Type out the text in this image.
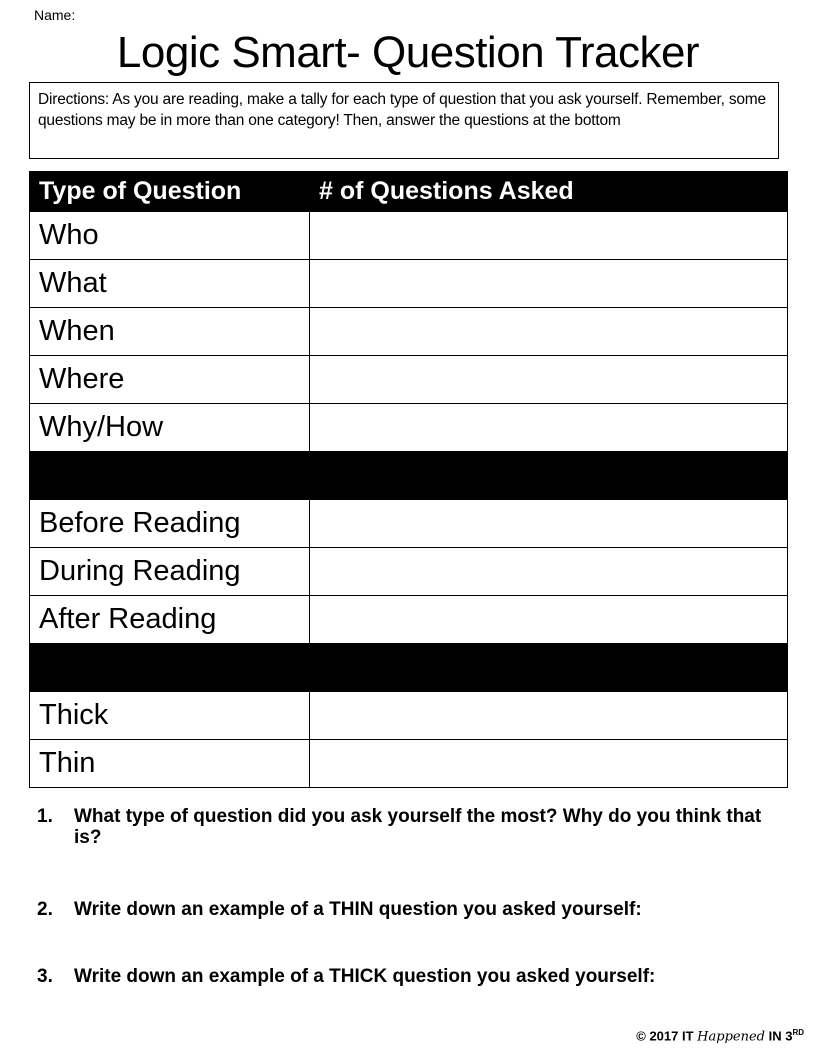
Name:
Logic Smart- Question Tracker
Directions: As you are reading, make a tally for each type of question that you ask yourself. Remember, some questions may be in more than one category! Then, answer the questions at the bottom
Type of Question	# of Questions Asked
Who	
What	
When	
Where	
Why/How	

Before Reading	
During Reading	
After Reading	

Thick	
Thin	
1.	What type of question did you ask yourself the most? Why do you think that is?
2.	Write down an example of a THIN question you asked yourself:
3.	Write down an example of a THICK question you asked yourself:
© 2017 IT Happened IN 3RD
